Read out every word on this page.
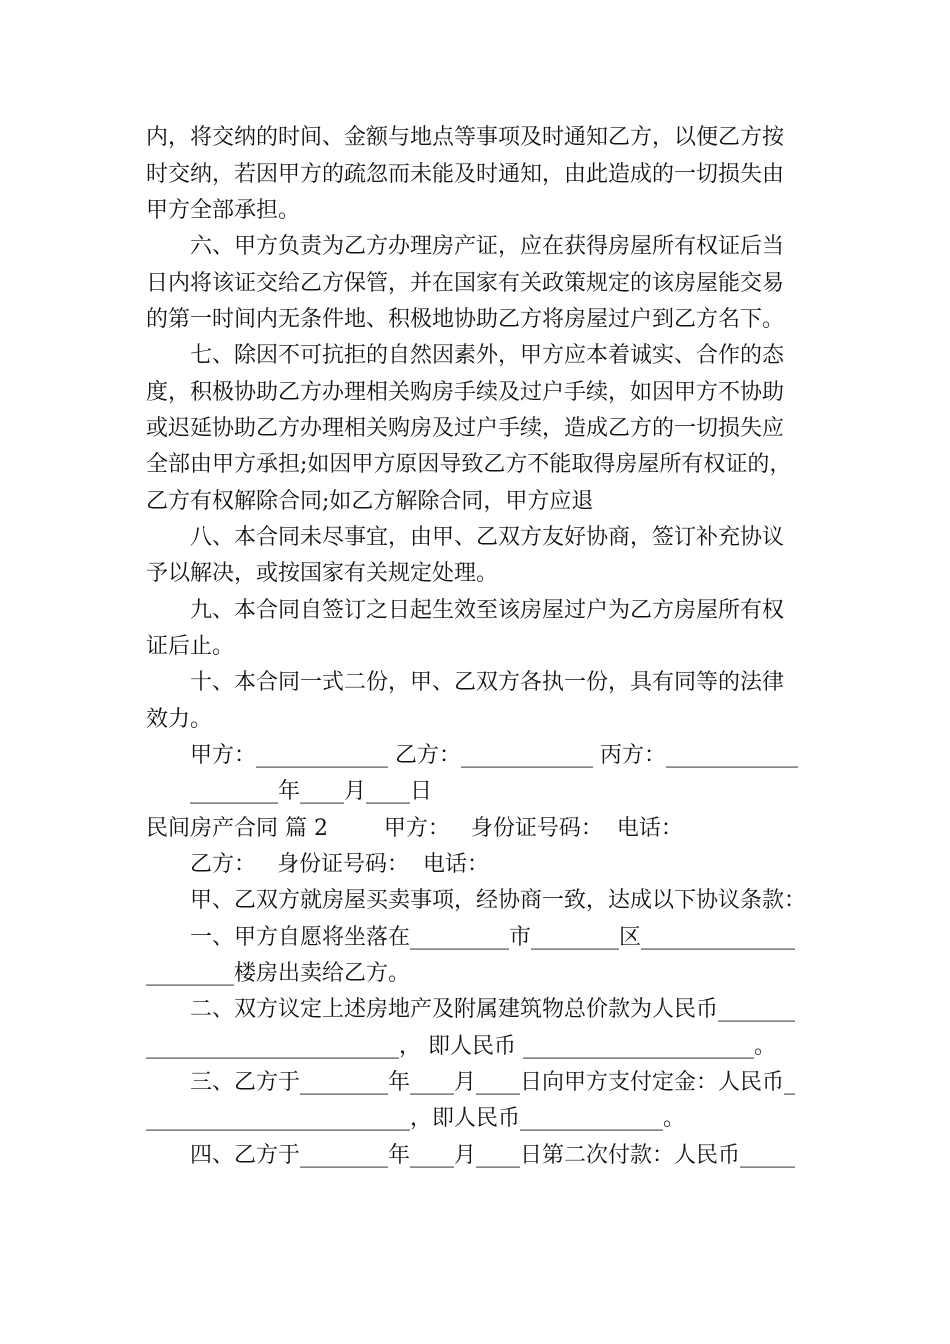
内，将交纳的时间、金额与地点等事项及时通知乙方，以便乙方按
时交纳，若因甲方的疏忽而未能及时通知，由此造成的一切损失由
甲方全部承担。
六、甲方负责为乙方办理房产证，应在获得房屋所有权证后当
日内将该证交给乙方保管，并在国家有关政策规定的该房屋能交易
的第一时间内无条件地、积极地协助乙方将房屋过户到乙方名下。
七、除因不可抗拒的自然因素外，甲方应本着诚实、合作的态
度，积极协助乙方办理相关购房手续及过户手续，如因甲方不协助
或迟延协助乙方办理相关购房及过户手续，造成乙方的一切损失应
全部由甲方承担;如因甲方原因导致乙方不能取得房屋所有权证的，
乙方有权解除合同;如乙方解除合同，甲方应退
八、本合同未尽事宜，由甲、乙双方友好协商，签订补充协议
予以解决，或按国家有关规定处理。
九、本合同自签订之日起生效至该房屋过户为乙方房屋所有权
证后止。
十、本合同一式二份，甲、乙双方各执一份，具有同等的法律
效力。
甲方：____________ 乙方：____________ 丙方：____________
________年____月____日
民间房产合同 篇 2        甲方：   身份证号码：  电话：
乙方：   身份证号码：  电话：
甲、乙双方就房屋买卖事项，经协商一致，达成以下协议条款：
一、甲方自愿将坐落在_________市________区______________
________楼房出卖给乙方。
二、双方议定上述房地产及附属建筑物总价款为人民币_______
_______________________， 即人民币 _____________________。
三、乙方于________年____月____日向甲方支付定金：人民币_
________________________，即人民币_____________。
四、乙方于________年____月____日第二次付款：人民币_____
